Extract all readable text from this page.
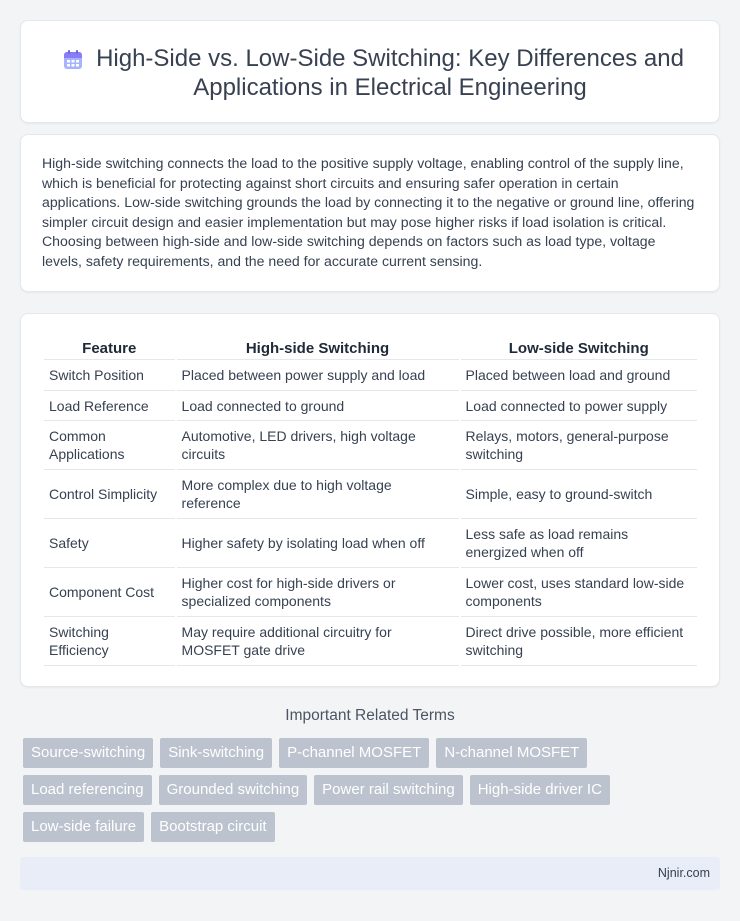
High-Side vs. Low-Side Switching: Key Differences and Applications in Electrical Engineering

High-side switching connects the load to the positive supply voltage, enabling control of the supply line, which is beneficial for protecting against short circuits and ensuring safer operation in certain applications. Low-side switching grounds the load by connecting it to the negative or ground line, offering simpler circuit design and easier implementation but may pose higher risks if load isolation is critical. Choosing between high-side and low-side switching depends on factors such as load type, voltage levels, safety requirements, and the need for accurate current sensing.

Feature	High-side Switching	Low-side Switching
Switch Position	Placed between power supply and load	Placed between load and ground
Load Reference	Load connected to ground	Load connected to power supply
Common Applications	Automotive, LED drivers, high voltage circuits	Relays, motors, general-purpose switching
Control Simplicity	More complex due to high voltage reference	Simple, easy to ground-switch
Safety	Higher safety by isolating load when off	Less safe as load remains energized when off
Component Cost	Higher cost for high-side drivers or specialized components	Lower cost, uses standard low-side components
Switching Efficiency	May require additional circuitry for MOSFET gate drive	Direct drive possible, more efficient switching
Important Related Terms
Source-switching	Sink-switching	P-channel MOSFET	N-channel MOSFET
Load referencing	Grounded switching	Power rail switching	High-side driver IC
Low-side failure	Bootstrap circuit
Njnir.com
